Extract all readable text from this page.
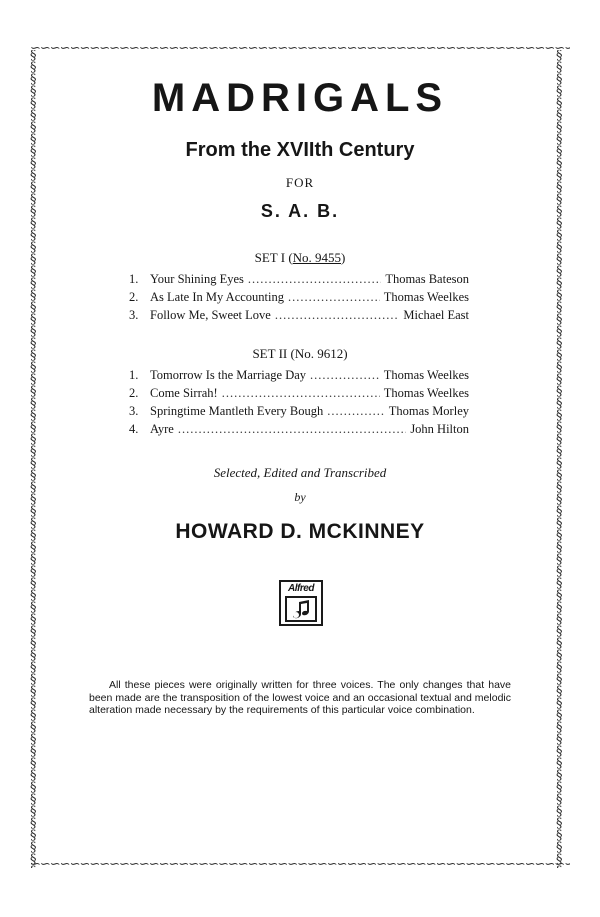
∽∽∽∽∽∽∽∽∽∽∽∽∽∽∽∽∽∽∽∽∽∽∽∽∽∽∽∽∽∽∽∽∽∽∽∽∽∽∽∽∽∽∽∽∽∽∽∽∽∽∽∽∽∽∽∽∽∽∽∽∽∽
∽∽∽∽∽∽∽∽∽∽∽∽∽∽∽∽∽∽∽∽∽∽∽∽∽∽∽∽∽∽∽∽∽∽∽∽∽∽∽∽∽∽∽∽∽∽∽∽∽∽∽∽∽∽∽∽∽∽∽∽∽∽
§ § § § § § § § § § § § § § § § § § § § § § § § § § § § § § § § § § § § § § § § § § § § § § § § § § § § § § § § § § § § § § § § § § § § § § §
§ § § § § § § § § § § § § § § § § § § § § § § § § § § § § § § § § § § § § § § § § § § § § § § § § § § § § § § § § § § § § § § § § § § § § § §
MADRIGALS
From the XVIIth Century
FOR
S. A. B.
SET I (No. 9455)
1. Your Shining Eyes .....	Thomas Bateson
2. As Late In My Accounting .....	Thomas Weelkes
3. Follow Me, Sweet Love .....	Michael East
SET II (No. 9612)
1. Tomorrow Is the Marriage Day .....	Thomas Weelkes
2. Come Sirrah! .....	Thomas Weelkes
3. Springtime Mantleth Every Bough .....	Thomas Morley
4. Ayre .....	John Hilton
Selected, Edited and Transcribed
by
HOWARD D. MCKINNEY
Alfred
All these pieces were originally written for three voices. The only changes that have been made are the transposition of the lowest voice and an occasional textual and melodic alteration made necessary by the requirements of this particular voice combination.
